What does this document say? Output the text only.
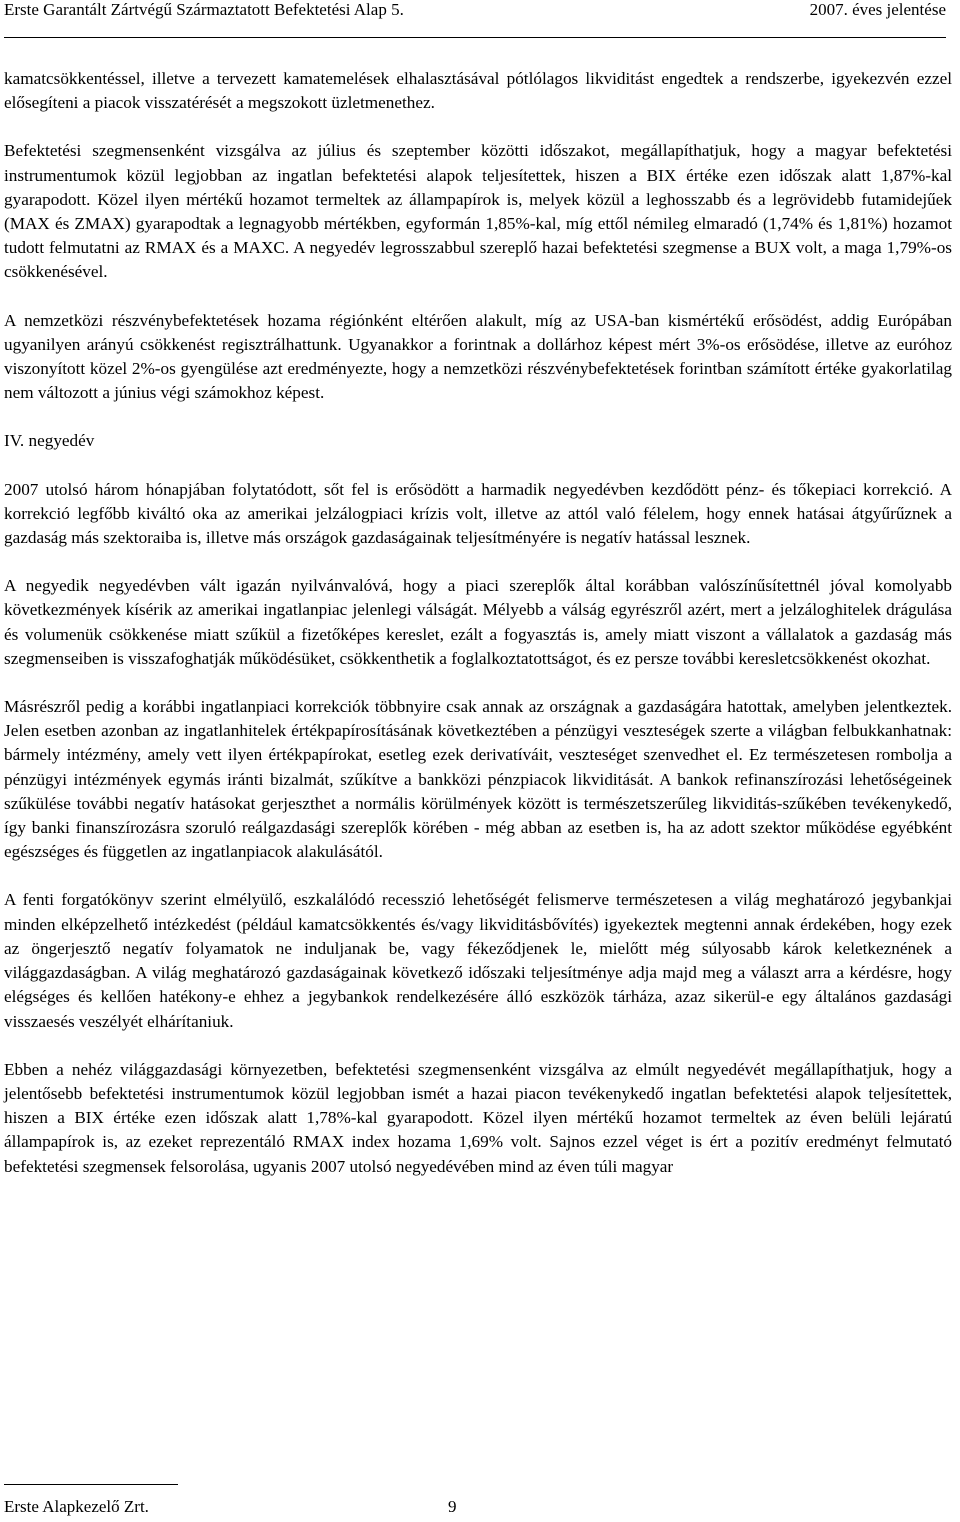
Erste Garantált Zártvégű Származtatott Befektetési Alap 5.	2007. éves jelentése

kamatcsökkentéssel, illetve a tervezett kamatemelések elhalasztásával pótlólagos likviditást engedtek a rendszerbe, igyekezvén ezzel elősegíteni a piacok visszatérését a megszokott üzletmenethez.

Befektetési szegmensenként vizsgálva az július és szeptember közötti időszakot, megállapíthatjuk, hogy a magyar befektetési instrumentumok közül legjobban az ingatlan befektetési alapok teljesítettek, hiszen a BIX értéke ezen időszak alatt 1,87%-kal gyarapodott. Közel ilyen mértékű hozamot termeltek az állampapírok is, melyek közül a leghosszabb és a legrövidebb futamidejűek (MAX és ZMAX) gyarapodtak a legnagyobb mértékben, egyformán 1,85%-kal, míg ettől némileg elmaradó (1,74% és 1,81%) hozamot tudott felmutatni az RMAX és a MAXC. A negyedév legrosszabbul szereplő hazai befektetési szegmense a BUX volt, a maga 1,79%-os csökkenésével.

A nemzetközi részvénybefektetések hozama régiónként eltérően alakult, míg az USA-ban kismértékű erősödést, addig Európában ugyanilyen arányú csökkenést regisztrálhattunk. Ugyanakkor a forintnak a dollárhoz képest mért 3%-os erősödése, illetve az euróhoz viszonyított közel 2%-os gyengülése azt eredményezte, hogy a nemzetközi részvénybefektetések forintban számított értéke gyakorlatilag nem változott a június végi számokhoz képest.

IV. negyedév

2007 utolsó három hónapjában folytatódott, sőt fel is erősödött a harmadik negyedévben kezdődött pénz- és tőkepiaci korrekció. A korrekció legfőbb kiváltó oka az amerikai jelzálogpiaci krízis volt, illetve az attól való félelem, hogy ennek hatásai átgyűrűznek a gazdaság más szektoraiba is, illetve más országok gazdaságainak teljesítményére is negatív hatással lesznek.

A negyedik negyedévben vált igazán nyilvánvalóvá, hogy a piaci szereplők által korábban valószínűsítettnél jóval komolyabb következmények kísérik az amerikai ingatlanpiac jelenlegi válságát. Mélyebb a válság egyrészről azért, mert a jelzáloghitelek drágulása és volumenük csökkenése miatt szűkül a fizetőképes kereslet, ezált a fogyasztás is, amely miatt viszont a vállalatok a gazdaság más szegmenseiben is visszafoghatják működésüket, csökkenthetik a foglalkoztatottságot, és ez persze további keresletcsökkenést okozhat.

Másrészről pedig a korábbi ingatlanpiaci korrekciók többnyire csak annak az országnak a gazdaságára hatottak, amelyben jelentkeztek. Jelen esetben azonban az ingatlanhitelek értékpapírosításának következtében a pénzügyi veszteségek szerte a világban felbukkanhatnak: bármely intézmény, amely vett ilyen értékpapírokat, esetleg ezek derivatíváit, veszteséget szenvedhet el. Ez természetesen rombolja a pénzügyi intézmények egymás iránti bizalmát, szűkítve a bankközi pénzpiacok likviditását. A bankok refinanszírozási lehetőségeinek szűkülése további negatív hatásokat gerjeszthet a normális körülmények között is természetszerűleg likviditás-szűkében tevékenykedő, így banki finanszírozásra szoruló reálgazdasági szereplők körében - még abban az esetben is, ha az adott szektor működése egyébként egészséges és független az ingatlanpiacok alakulásától.

A fenti forgatókönyv szerint elmélyülő, eszkalálódó recesszió lehetőségét felismerve természetesen a világ meghatározó jegybankjai minden elképzelhető intézkedést (például kamatcsökkentés és/vagy likviditásbővítés) igyekeztek megtenni annak érdekében, hogy ezek az öngerjesztő negatív folyamatok ne induljanak be, vagy fékeződjenek le, mielőtt még súlyosabb károk keletkeznének a világgazdaságban. A világ meghatározó gazdaságainak következő időszaki teljesítménye adja majd meg a választ arra a kérdésre, hogy elégséges és kellően hatékony-e ehhez a jegybankok rendelkezésére álló eszközök tárháza, azaz sikerül-e egy általános gazdasági visszaesés veszélyét elhárítaniuk.

Ebben a nehéz világgazdasági környezetben, befektetési szegmensenként vizsgálva az elmúlt negyedévét megállapíthatjuk, hogy a jelentősebb befektetési instrumentumok közül legjobban ismét a hazai piacon tevékenykedő ingatlan befektetési alapok teljesítettek, hiszen a BIX értéke ezen időszak alatt 1,78%-kal gyarapodott. Közel ilyen mértékű hozamot termeltek az éven belüli lejáratú állampapírok is, az ezeket reprezentáló RMAX index hozama 1,69% volt. Sajnos ezzel véget is ért a pozitív eredményt felmutató befektetési szegmensek felsorolása, ugyanis 2007 utolsó negyedévében mind az éven túli magyar

Erste Alapkezelő Zrt.	9
